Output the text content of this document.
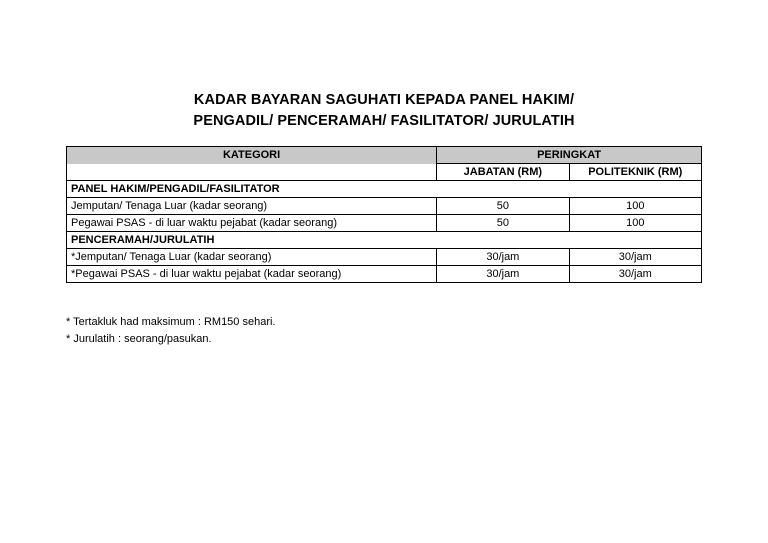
KADAR BAYARAN SAGUHATI KEPADA PANEL HAKIM/
PENGADIL/ PENCERAMAH/ FASILITATOR/ JURULATIH
KATEGORI	PERINGKAT	
	JABATAN (RM)	POLITEKNIK (RM)
PANEL HAKIM/PENGADIL/FASILITATOR		
Jemputan/ Tenaga Luar (kadar seorang)	50	100
Pegawai PSAS - di luar waktu pejabat (kadar seorang)	50	100
PENCERAMAH/JURULATIH		
*Jemputan/ Tenaga Luar (kadar seorang)	30/jam	30/jam
*Pegawai PSAS - di luar waktu pejabat (kadar seorang)	30/jam	30/jam
* Tertakluk had maksimum : RM150 sehari.
* Jurulatih : seorang/pasukan.
